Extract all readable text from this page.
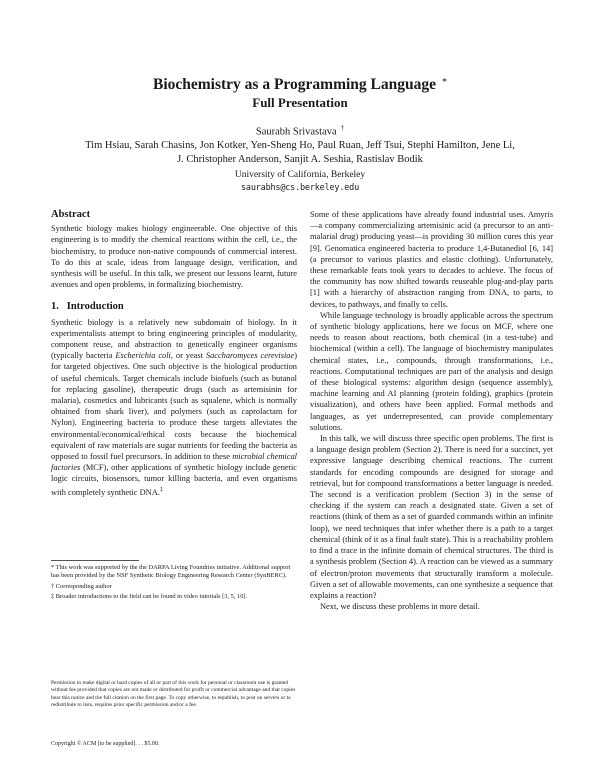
Biochemistry as a Programming Language *
Full Presentation
Saurabh Srivastava †
Tim Hsiau, Sarah Chasins, Jon Kotker, Yen-Sheng Ho, Paul Ruan, Jeff Tsui, Stephi Hamilton, Jene Li,
J. Christopher Anderson, Sanjit A. Seshia, Rastislav Bodik
University of California, Berkeley
saurabhs@cs.berkeley.edu
Abstract

Synthetic biology makes biology engineerable. One objective of this engineering is to modify the chemical reactions within the cell, i.e., the biochemistry, to produce non-native compounds of commercial interest. To do this at scale, ideas from language design, verification, and synthesis will be useful. In this talk, we present our lessons learnt, future avenues and open problems, in formalizing biochemistry.

1.   Introduction

Synthetic biology is a relatively new subdomain of biology. In it experimentalists attempt to bring engineering principles of modularity, component reuse, and abstraction to genetically engineer organisms (typically bacteria Escherichia coli, or yeast Saccharomyces cerevisiae) for targeted objectives. One such objective is the biological production of useful chemicals. Target chemicals include biofuels (such as butanol for replacing gasoline), therapeutic drugs (such as artemisinin for malaria), cosmetics and lubricants (such as squalene, which is normally obtained from shark liver), and polymers (such as caprolactam for Nylon). Engineering bacteria to produce these targets alleviates the environmental/economical/ethical costs because the biochemical equivalent of raw materials are sugar nutrients for feeding the bacteria as opposed to fossil fuel precursors. In addition to these microbial chemical factories (MCF), other applications of synthetic biology include genetic logic circuits, biosensors, tumor killing bacteria, and even organisms with completely synthetic DNA.‡

* This work was supported by the the DARPA Living Foundries initiative. Additional support has been provided by the NSF Synthetic Biology Engineering Research Center (SynBERC).

† Corresponding author

‡ Broader introductions to the field can be found in video tutorials [3, 5, 10].

Permission to make digital or hard copies of all or part of this work for personal or classroom use is granted without fee provided that copies are not made or distributed for profit or commercial advantage and that copies bear this notice and the full citation on the first page. To copy otherwise, to republish, to post on servers or to redistribute to lists, requires prior specific permission and/or a fee.
Copyright © ACM [to be supplied]. . . $5.00.

Some of these applications have already found industrial uses. Amyris—a company commercializing artemisinic acid (a precursor to an anti-malarial drug) producing yeast—is providing 30 million cures this year [9]. Genomatica engineered bacteria to produce 1,4-Butanediol [6, 14] (a precursor to various plastics and elastic clothing). Unfortunately, these remarkable feats took years to decades to achieve. The focus of the community has now shifted towards reuseable plug-and-play parts [1] with a hierarchy of abstraction ranging from DNA, to parts, to devices, to pathways, and finally to cells.

While language technology is broadly applicable across the spectrum of synthetic biology applications, here we focus on MCF, where one needs to reason about reactions, both chemical (in a test-tube) and biochemical (within a cell). The language of biochemistry manipulates chemical states, i.e., compounds, through transformations, i.e., reactions. Computational techniques are part of the analysis and design of these biological systems: algorithm design (sequence assembly), machine learning and AI planning (protein folding), graphics (protein visualization), and others have been applied. Formal methods and languages, as yet underrepresented, can provide complementary solutions.

In this talk, we will discuss three specific open problems. The first is a language design problem (Section 2). There is need for a succinct, yet expressive language describing chemical reactions. The current standards for encoding compounds are designed for storage and retrieval, but for compound transformations a better language is needed. The second is a verification problem (Section 3) in the sense of checking if the system can reach a designated state. Given a set of reactions (think of them as a set of guarded commands within an infinite loop), we need techniques that infer whether there is a path to a target chemical (think of it as a final fault state). This is a reachability problem to find a trace in the infinite domain of chemical structures. The third is a synthesis problem (Section 4). A reaction can be viewed as a summary of electron/proton movements that structurally transform a molecule. Given a set of allowable movements, can one synthesize a sequence that explains a reaction?

Next, we discuss these problems in more detail.
